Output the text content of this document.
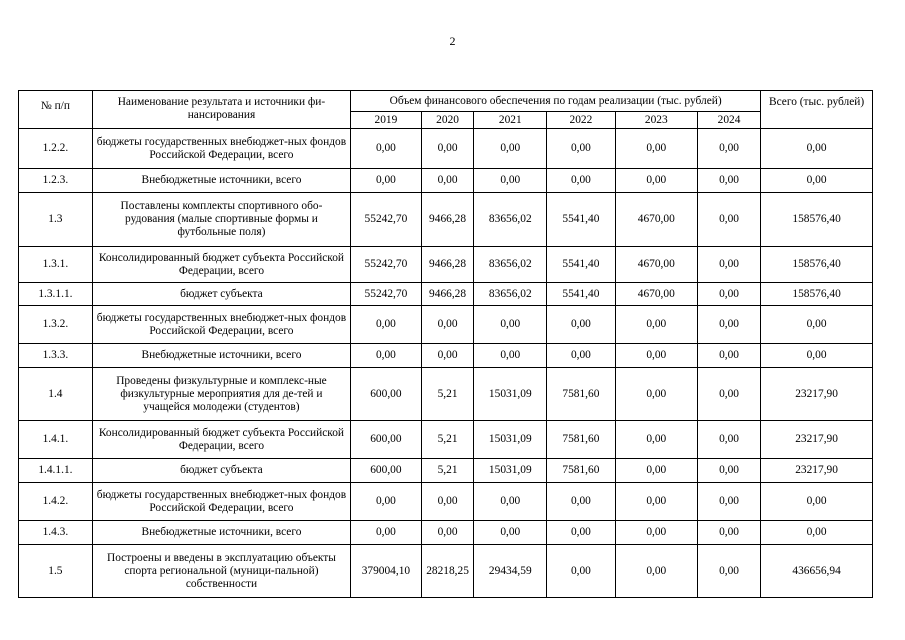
2
№ п/п	Наименование результата и источники фи-нансирования	Объем финансового обеспечения по годам реализации (тыс. рублей)						Всего (тыс. рублей)
		2019	2020	2021	2022	2023	2024	
1.2.2.	бюджеты государственных внебюджет-ных фондов Российской Федерации, всего	0,00	0,00	0,00	0,00	0,00	0,00	0,00
1.2.3.	Внебюджетные источники, всего	0,00	0,00	0,00	0,00	0,00	0,00	0,00
1.3	Поставлены комплекты спортивного обо-рудования (малые спортивные формы и футбольные поля)	55242,70	9466,28	83656,02	5541,40	4670,00	0,00	158576,40
1.3.1.	Консолидированный бюджет субъекта Российской Федерации, всего	55242,70	9466,28	83656,02	5541,40	4670,00	0,00	158576,40
1.3.1.1.	бюджет субъекта	55242,70	9466,28	83656,02	5541,40	4670,00	0,00	158576,40
1.3.2.	бюджеты государственных внебюджет-ных фондов Российской Федерации, всего	0,00	0,00	0,00	0,00	0,00	0,00	0,00
1.3.3.	Внебюджетные источники, всего	0,00	0,00	0,00	0,00	0,00	0,00	0,00
1.4	Проведены физкультурные и комплекс-ные физкультурные мероприятия для де-тей и учащейся молодежи (студентов)	600,00	5,21	15031,09	7581,60	0,00	0,00	23217,90
1.4.1.	Консолидированный бюджет субъекта Российской Федерации, всего	600,00	5,21	15031,09	7581,60	0,00	0,00	23217,90
1.4.1.1.	бюджет субъекта	600,00	5,21	15031,09	7581,60	0,00	0,00	23217,90
1.4.2.	бюджеты государственных внебюджет-ных фондов Российской Федерации, всего	0,00	0,00	0,00	0,00	0,00	0,00	0,00
1.4.3.	Внебюджетные источники, всего	0,00	0,00	0,00	0,00	0,00	0,00	0,00
1.5	Построены и введены в эксплуатацию объекты спорта региональной (муници-пальной) собственности	379004,10	28218,25	29434,59	0,00	0,00	0,00	436656,94
